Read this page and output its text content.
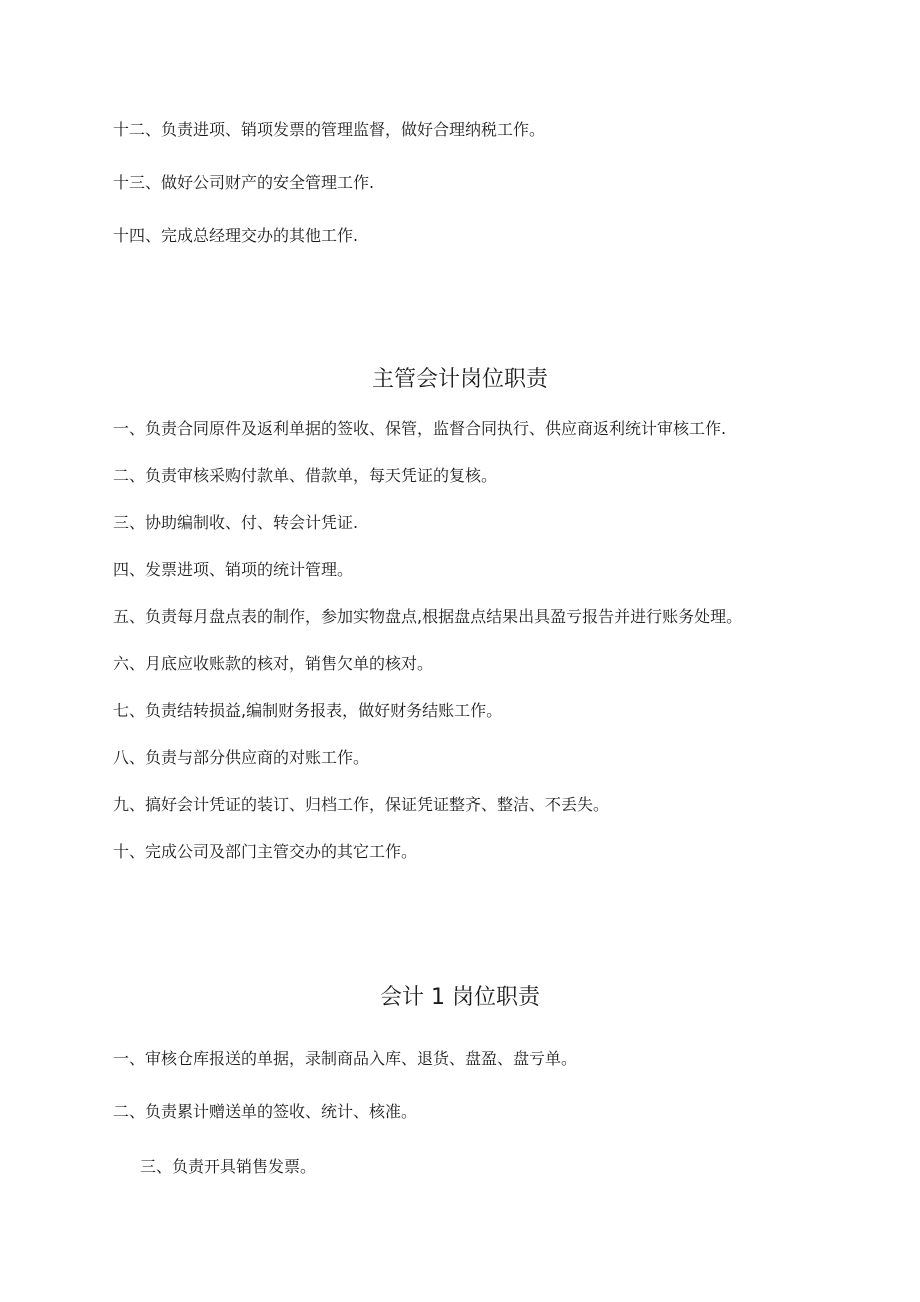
十二、负责进项、销项发票的管理监督，做好合理纳税工作。
十三、做好公司财产的安全管理工作.
十四、完成总经理交办的其他工作.
主管会计岗位职责
一、负责合同原件及返利单据的签收、保管，监督合同执行、供应商返利统计审核工作.
二、负责审核采购付款单、借款单，每天凭证的复核。
三、协助编制收、付、转会计凭证.
四、发票进项、销项的统计管理。
五、负责每月盘点表的制作，参加实物盘点,根据盘点结果出具盈亏报告并进行账务处理。
六、月底应收账款的核对，销售欠单的核对。
七、负责结转损益,编制财务报表，做好财务结账工作。
八、负责与部分供应商的对账工作。
九、搞好会计凭证的装订、归档工作，保证凭证整齐、整洁、不丢失。
十、完成公司及部门主管交办的其它工作。
会计 1 岗位职责
一、审核仓库报送的单据，录制商品入库、退货、盘盈、盘亏单。
二、负责累计赠送单的签收、统计、核准。
三、负责开具销售发票。
